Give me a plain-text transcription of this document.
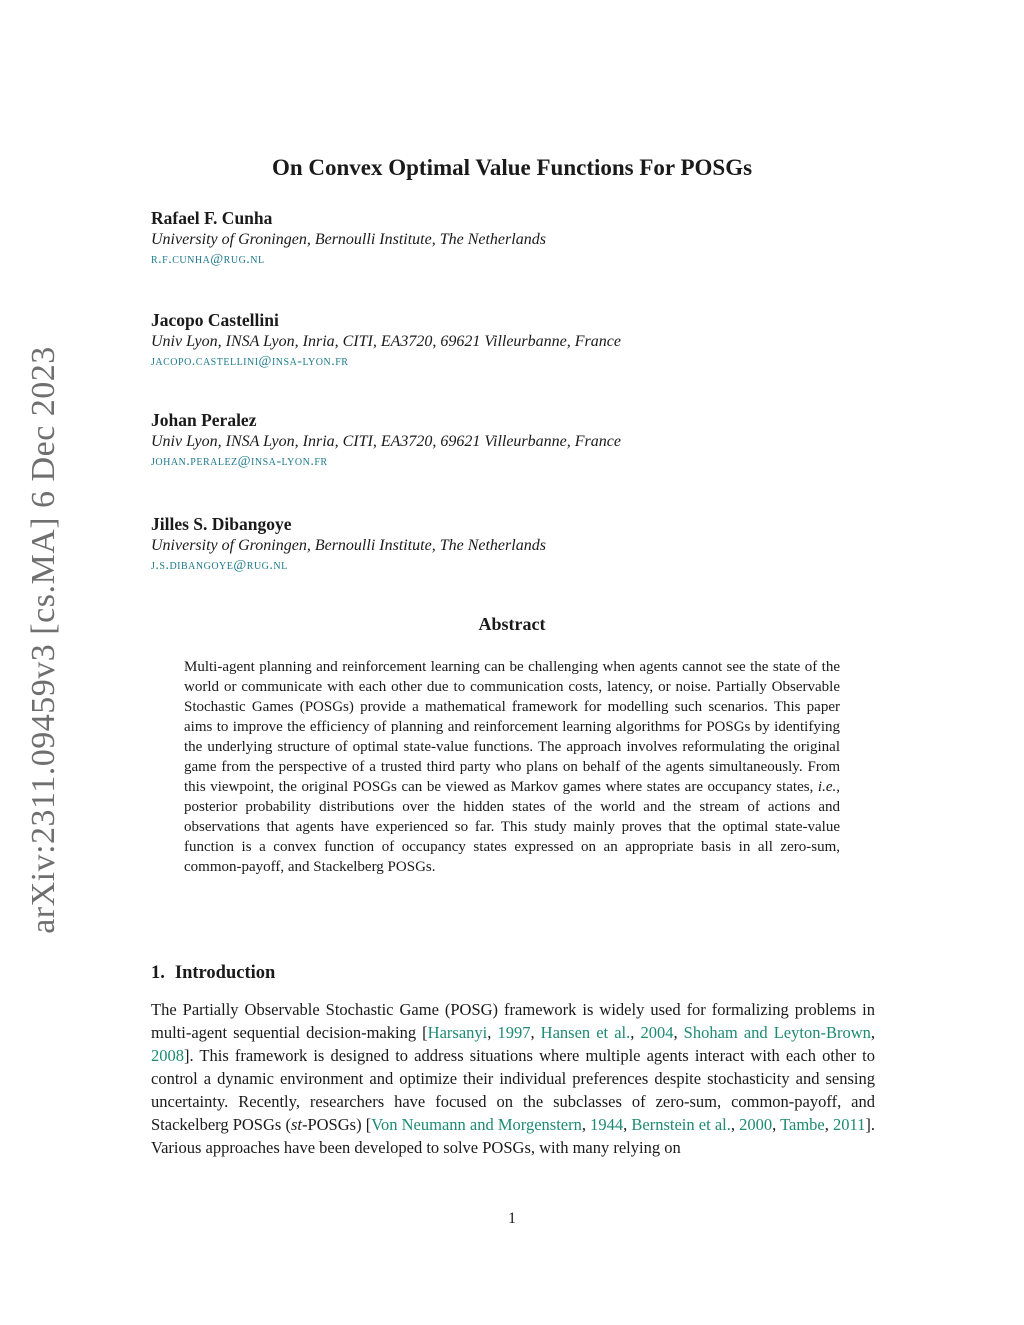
arXiv:2311.09459v3 [cs.MA] 6 Dec 2023
On Convex Optimal Value Functions For POSGs
Rafael F. Cunha
University of Groningen, Bernoulli Institute, The Netherlands
r.f.cunha@rug.nl
Jacopo Castellini
Univ Lyon, INSA Lyon, Inria, CITI, EA3720, 69621 Villeurbanne, France
jacopo.castellini@insa-lyon.fr
Johan Peralez
Univ Lyon, INSA Lyon, Inria, CITI, EA3720, 69621 Villeurbanne, France
johan.peralez@insa-lyon.fr
Jilles S. Dibangoye
University of Groningen, Bernoulli Institute, The Netherlands
j.s.dibangoye@rug.nl
Abstract
Multi-agent planning and reinforcement learning can be challenging when agents cannot see the state of the world or communicate with each other due to communication costs, latency, or noise. Partially Observable Stochastic Games (POSGs) provide a mathematical framework for modelling such scenarios. This paper aims to improve the efficiency of planning and reinforcement learning algorithms for POSGs by identifying the underlying structure of optimal state-value functions. The approach involves reformulating the original game from the perspective of a trusted third party who plans on behalf of the agents simultaneously. From this viewpoint, the original POSGs can be viewed as Markov games where states are occupancy states, i.e., posterior probability distributions over the hidden states of the world and the stream of actions and observations that agents have experienced so far. This study mainly proves that the optimal state-value function is a convex function of occupancy states expressed on an appropriate basis in all zero-sum, common-payoff, and Stackelberg POSGs.
1. Introduction
The Partially Observable Stochastic Game (POSG) framework is widely used for formalizing problems in multi-agent sequential decision-making [Harsanyi, 1997, Hansen et al., 2004, Shoham and Leyton-Brown, 2008]. This framework is designed to address situations where multiple agents interact with each other to control a dynamic environment and optimize their individual preferences despite stochasticity and sensing uncertainty. Recently, researchers have focused on the subclasses of zero-sum, common-payoff, and Stackelberg POSGs (st-POSGs) [Von Neumann and Morgenstern, 1944, Bernstein et al., 2000, Tambe, 2011]. Various approaches have been developed to solve POSGs, with many relying on
1
